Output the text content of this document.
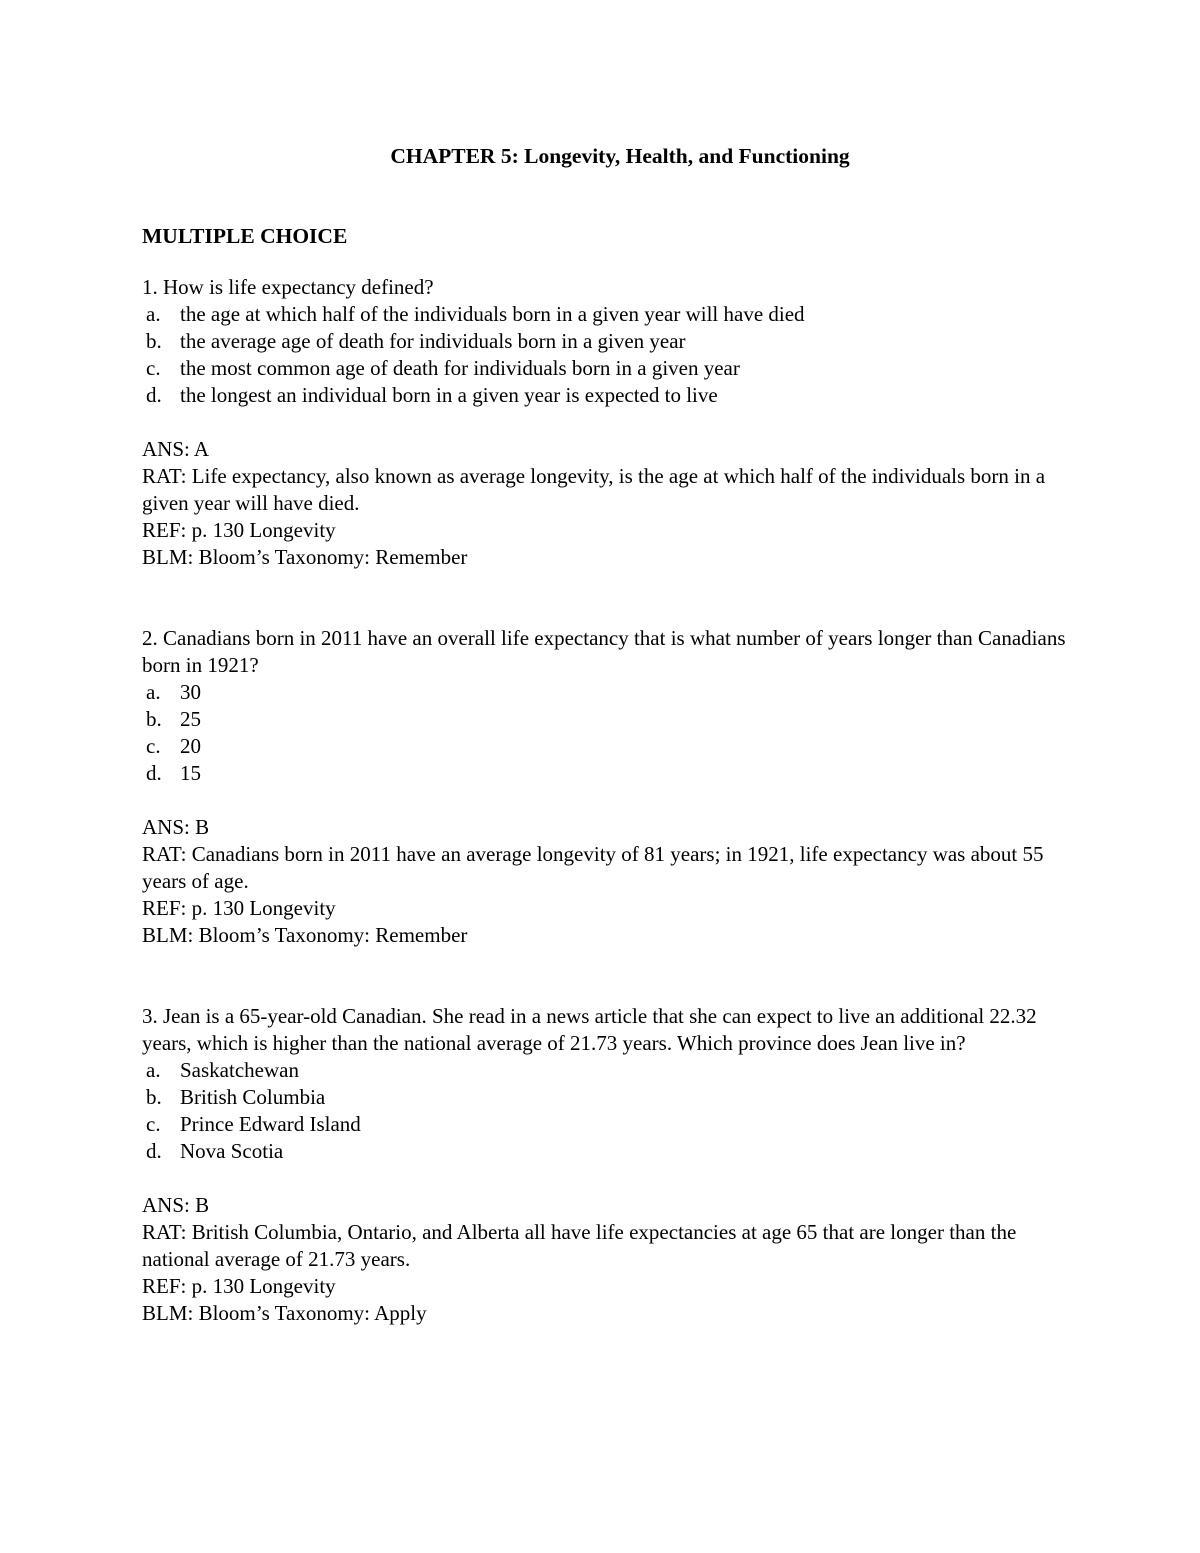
CHAPTER 5: Longevity, Health, and Functioning
MULTIPLE CHOICE

1. How is life expectancy defined?

a. the age at which half of the individuals born in a given year will have died
b. the average age of death for individuals born in a given year
c. the most common age of death for individuals born in a given year
d. the longest an individual born in a given year is expected to live

ANS: A

RAT: Life expectancy, also known as average longevity, is the age at which half of the individuals born in a given year will have died.

REF: p. 130 Longevity

BLM: Bloom’s Taxonomy: Remember

2. Canadians born in 2011 have an overall life expectancy that is what number of years longer than Canadians born in 1921?

a. 30
b. 25
c. 20
d. 15

ANS: B

RAT: Canadians born in 2011 have an average longevity of 81 years; in 1921, life expectancy was about 55 years of age.

REF: p. 130 Longevity

BLM: Bloom’s Taxonomy: Remember

3. Jean is a 65-year-old Canadian. She read in a news article that she can expect to live an additional 22.32 years, which is higher than the national average of 21.73 years. Which province does Jean live in?

a. Saskatchewan
b. British Columbia
c. Prince Edward Island
d. Nova Scotia

ANS: B

RAT: British Columbia, Ontario, and Alberta all have life expectancies at age 65 that are longer than the national average of 21.73 years.

REF: p. 130 Longevity

BLM: Bloom’s Taxonomy: Apply
